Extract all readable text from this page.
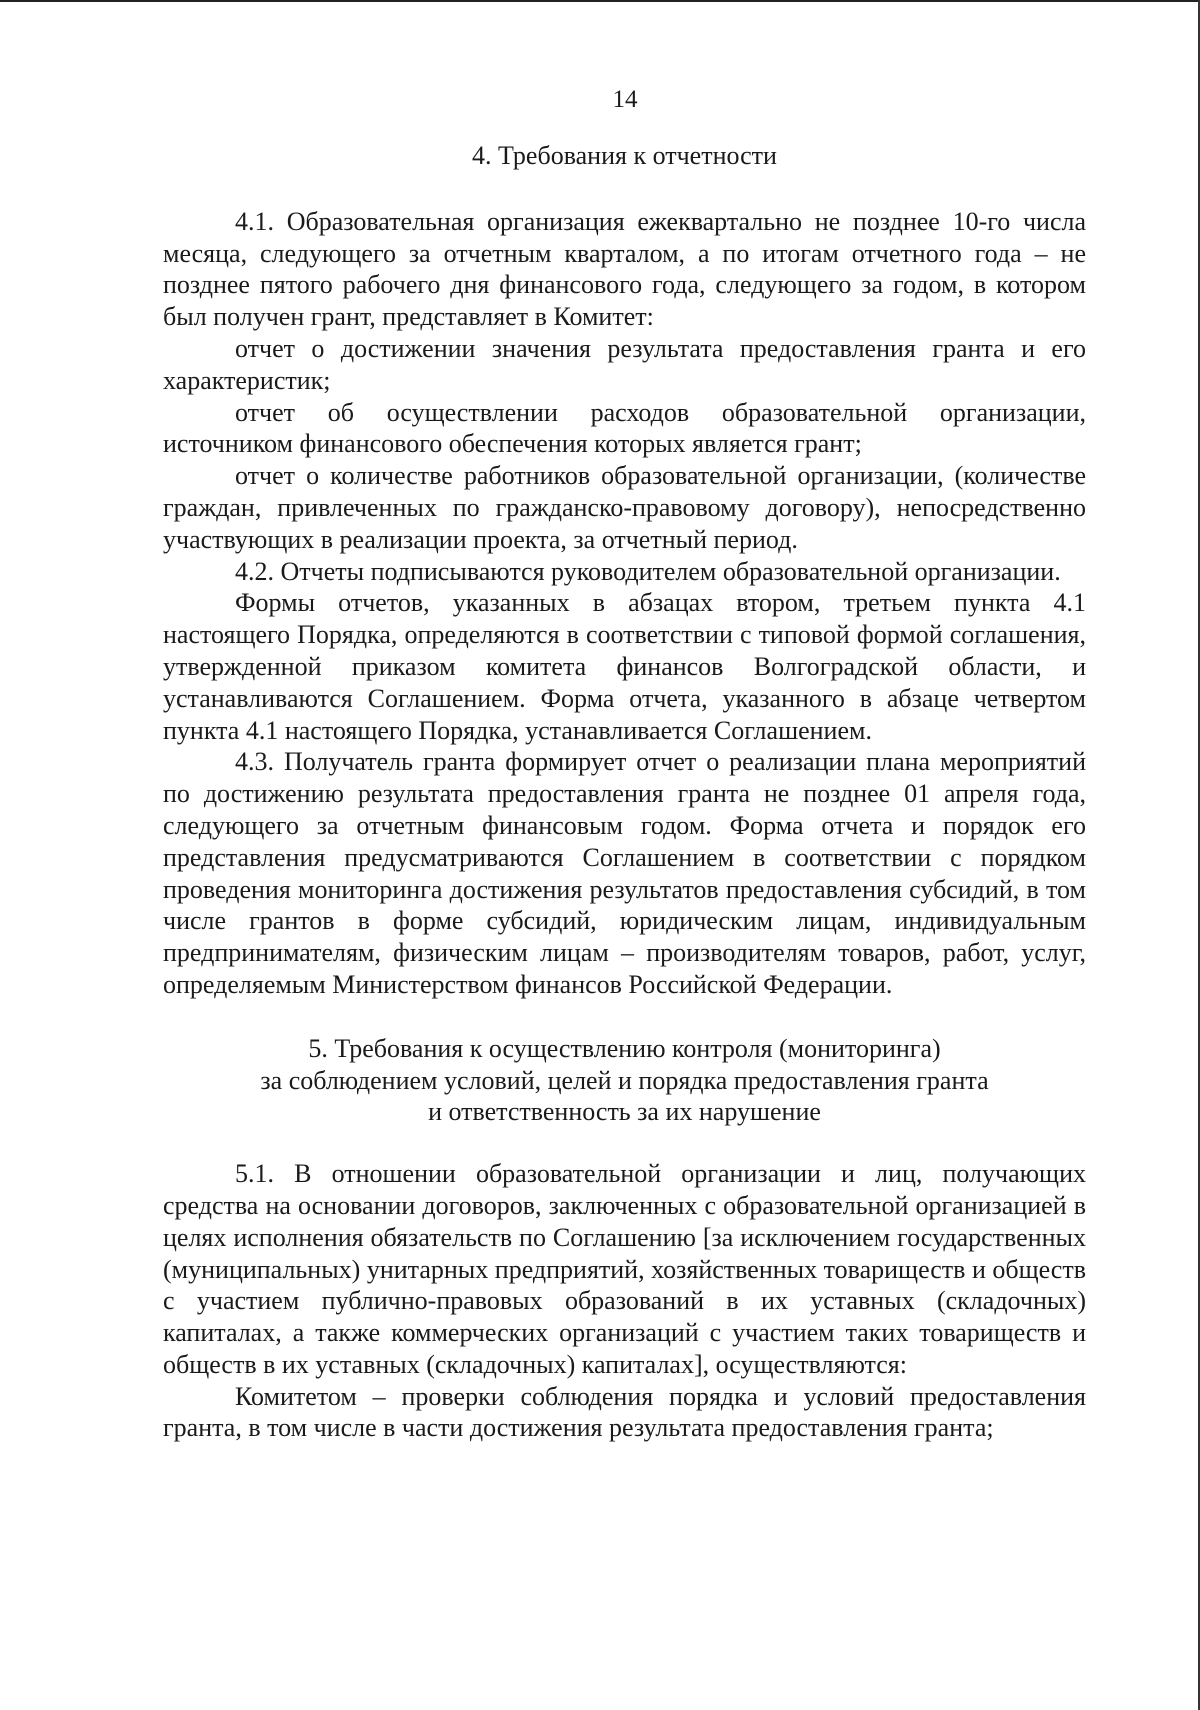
14

4. Требования к отчетности

4.1. Образовательная организация ежеквартально не позднее 10-го числа месяца, следующего за отчетным кварталом, а по итогам отчетного года – не позднее пятого рабочего дня финансового года, следующего за годом, в котором был получен грант, представляет в Комитет:

отчет о достижении значения результата предоставления гранта и его характеристик;

отчет об осуществлении расходов образовательной организации, источником финансового обеспечения которых является грант;

отчет о количестве работников образовательной организации, (количестве граждан, привлеченных по гражданско-правовому договору), непосредственно участвующих в реализации проекта, за отчетный период.

4.2. Отчеты подписываются руководителем образовательной организации.

Формы отчетов, указанных в абзацах втором, третьем пункта 4.1 настоящего Порядка, определяются в соответствии с типовой формой соглашения, утвержденной приказом комитета финансов Волгоградской области, и устанавливаются Соглашением. Форма отчета, указанного в абзаце четвертом пункта 4.1 настоящего Порядка, устанавливается Соглашением.

4.3. Получатель гранта формирует отчет о реализации плана мероприятий по достижению результата предоставления гранта не позднее 01 апреля года, следующего за отчетным финансовым годом. Форма отчета и порядок его представления предусматриваются Соглашением в соответствии с порядком проведения мониторинга достижения результатов предоставления субсидий, в том числе грантов в форме субсидий, юридическим лицам, индивидуальным предпринимателям, физическим лицам – производителям товаров, работ, услуг, определяемым Министерством финансов Российской Федерации.

5. Требования к осуществлению контроля (мониторинга)
за соблюдением условий, целей и порядка предоставления гранта
и ответственность за их нарушение

5.1. В отношении образовательной организации и лиц, получающих средства на основании договоров, заключенных с образовательной организацией в целях исполнения обязательств по Соглашению [за исключением государственных (муниципальных) унитарных предприятий, хозяйственных товариществ и обществ с участием публично-правовых образований в их уставных (складочных) капиталах, а также коммерческих организаций с участием таких товариществ и обществ в их уставных (складочных) капиталах], осуществляются:

Комитетом – проверки соблюдения порядка и условий предоставления гранта, в том числе в части достижения результата предоставления гранта;
